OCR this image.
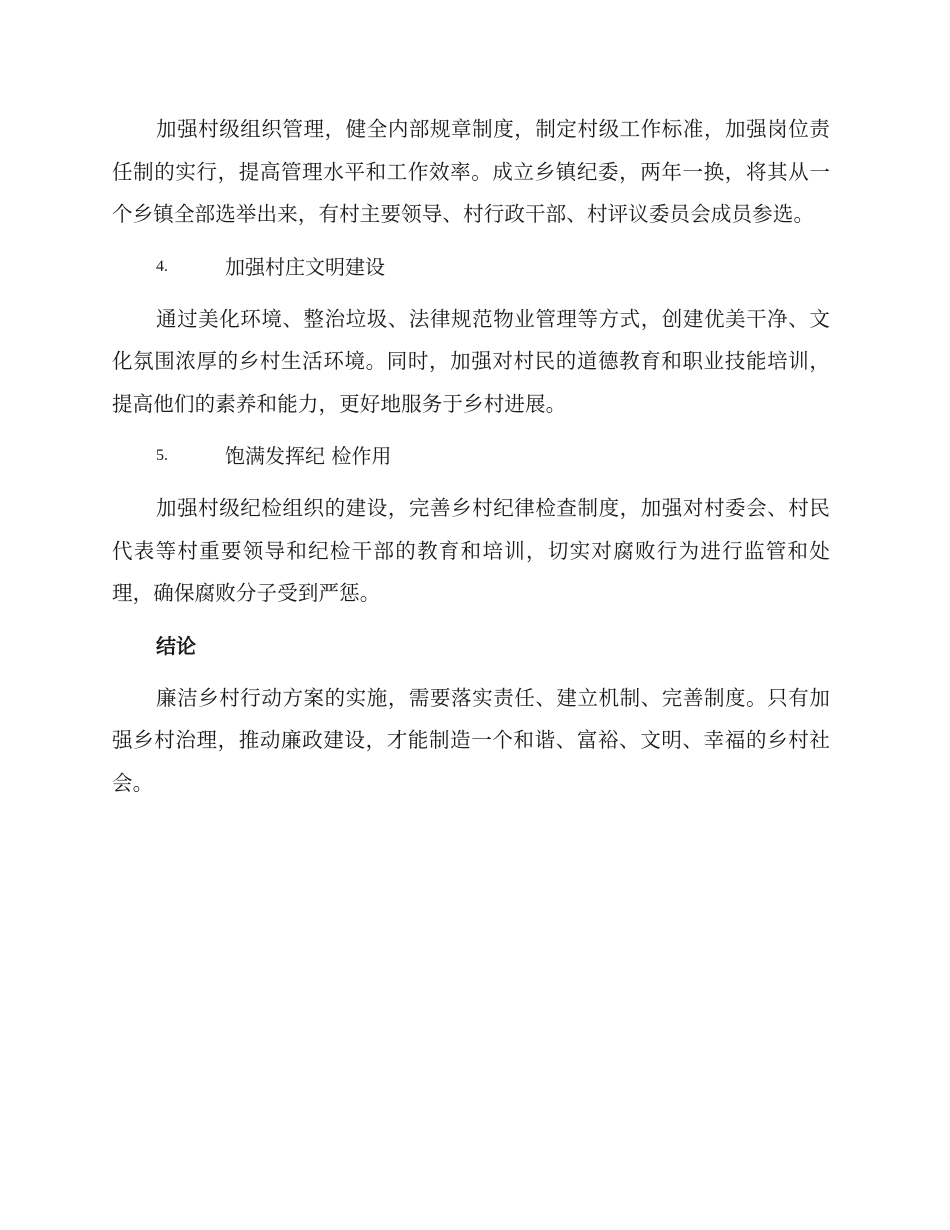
加强村级组织管理，健全内部规章制度，制定村级工作标准，加强岗位责任制的实行，提高管理水平和工作效率。成立乡镇纪委，两年一换，将其从一个乡镇全部选举出来，有村主要领导、村行政干部、村评议委员会成员参选。

4.	加强村庄文明建设

通过美化环境、整治垃圾、法律规范物业管理等方式，创建优美干净、文化氛围浓厚的乡村生活环境。同时，加强对村民的道德教育和职业技能培训，提高他们的素养和能力，更好地服务于乡村进展。

5.	饱满发挥纪 检作用

加强村级纪检组织的建设，完善乡村纪律检查制度，加强对村委会、村民代表等村重要领导和纪检干部的教育和培训，切实对腐败行为进行监管和处理，确保腐败分子受到严惩。

结论

廉洁乡村行动方案的实施，需要落实责任、建立机制、完善制度。只有加强乡村治理，推动廉政建设，才能制造一个和谐、富裕、文明、幸福的乡村社会。
